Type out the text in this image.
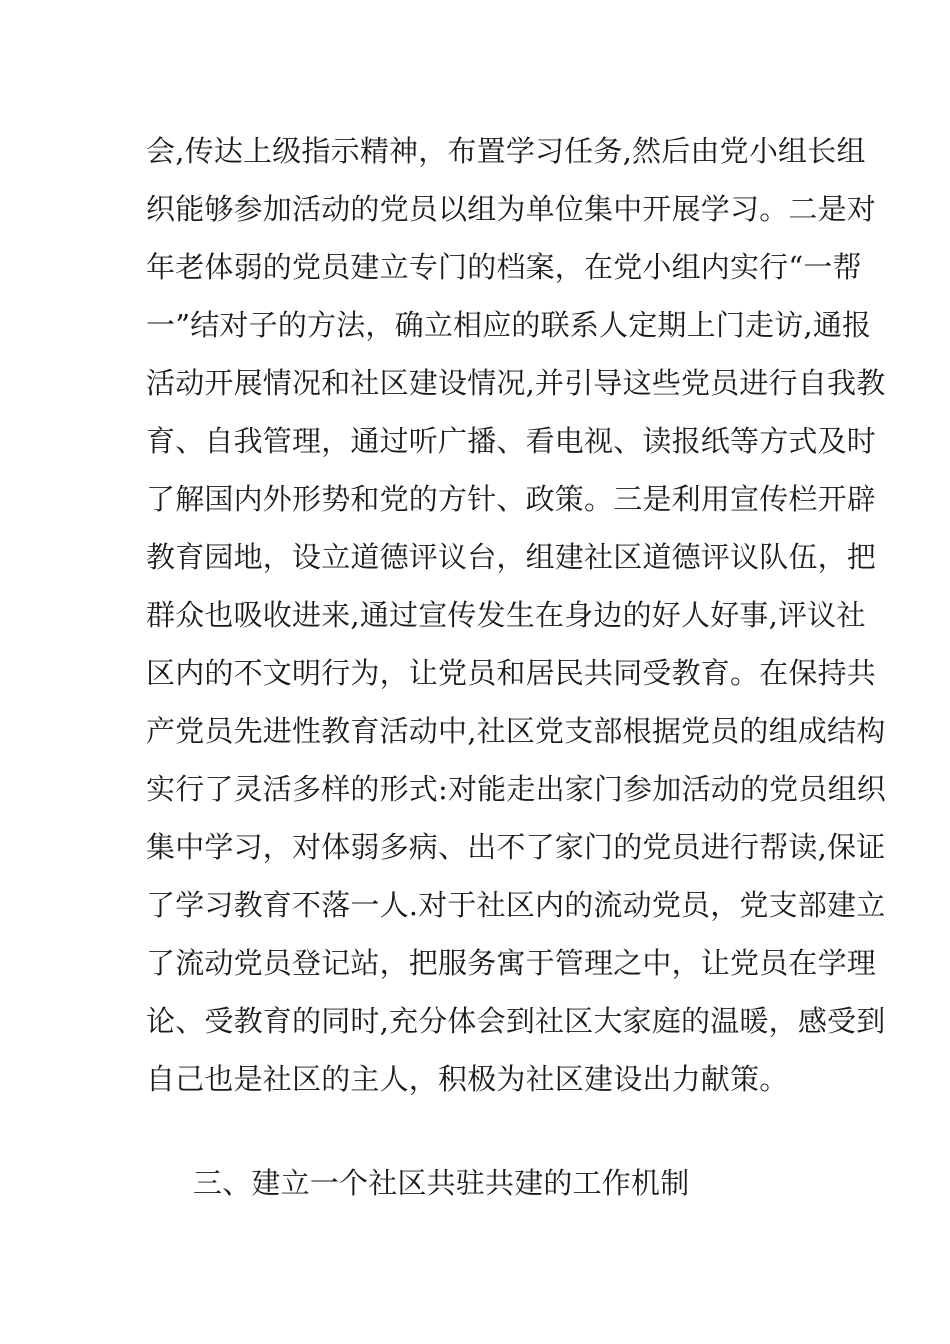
会,传达上级指示精神，布置学习任务,然后由党小组长组
织能够参加活动的党员以组为单位集中开展学习。二是对
年老体弱的党员建立专门的档案，在党小组内实行“一帮
一”结对子的方法，确立相应的联系人定期上门走访,通报
活动开展情况和社区建设情况,并引导这些党员进行自我教
育、自我管理，通过听广播、看电视、读报纸等方式及时
了解国内外形势和党的方针、政策。三是利用宣传栏开辟
教育园地，设立道德评议台，组建社区道德评议队伍，把
群众也吸收进来,通过宣传发生在身边的好人好事,评议社
区内的不文明行为，让党员和居民共同受教育。在保持共
产党员先进性教育活动中,社区党支部根据党员的组成结构
实行了灵活多样的形式:对能走出家门参加活动的党员组织
集中学习，对体弱多病、出不了家门的党员进行帮读,保证
了学习教育不落一人.对于社区内的流动党员，党支部建立
了流动党员登记站，把服务寓于管理之中，让党员在学理
论、受教育的同时,充分体会到社区大家庭的温暖，感受到
自己也是社区的主人，积极为社区建设出力献策。
三、建立一个社区共驻共建的工作机制
